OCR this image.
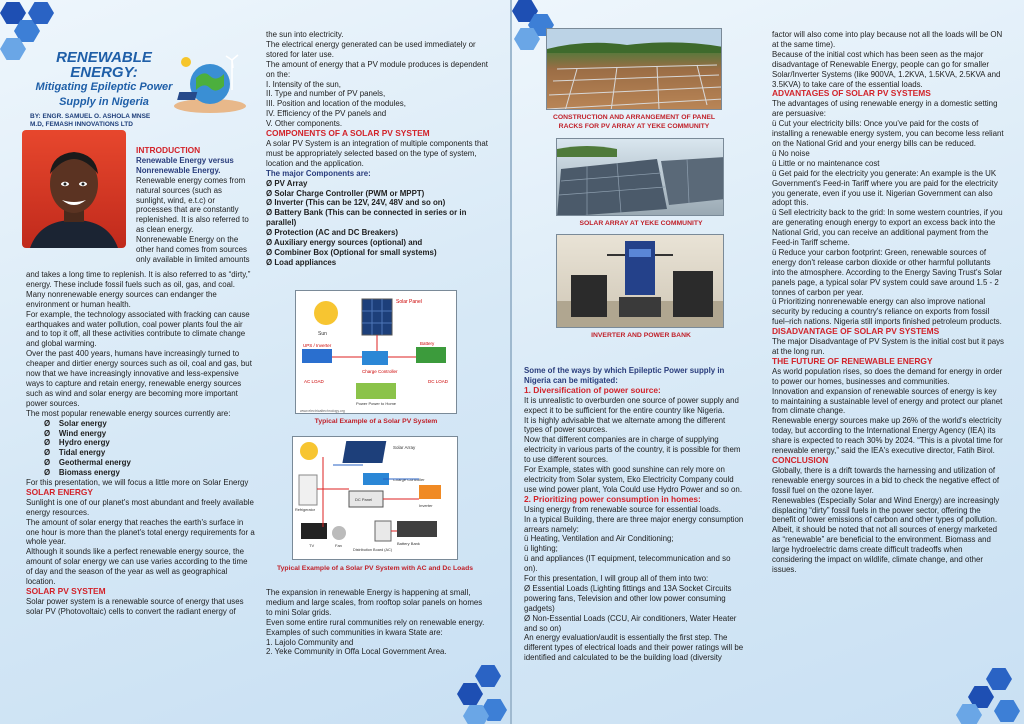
RENEWABLE ENERGY:
Mitigating Epileptic Power
Supply in Nigeria
BY: ENGR. SAMUEL O. ASHOLA MNSE
M.D, FEMASH INNOVATIONS LTD

INTRODUCTION

Renewable Energy versus

Nonrenewable Energy.

Renewable energy comes from

natural sources (such as

sunlight, wind, e.t.c) or

processes that are constantly

replenished. It is also referred to

as clean energy.

Nonrenewable Energy on the

other hand comes from sources

only available in limited amounts

and takes a long time to replenish. It is also referred to as “dirty,” energy. These include fossil fuels such as oil, gas, and coal.

Many nonrenewable energy sources can endanger the environment or human health.

For example, the technology associated with fracking can cause earthquakes and water pollution, coal power plants foul the air and to top it off, all these activities contribute to climate change and global warming.

Over the past 400 years, humans have increasingly turned to cheaper and dirtier energy sources such as oil, coal and gas, but now that we have increasingly innovative and less-expensive ways to capture and retain energy, renewable energy sources such as wind and solar energy are becoming more important power sources.

The most popular renewable energy sources currently are:

Ø Solar energy

Ø Wind energy

Ø Hydro energy

Ø Tidal energy

Ø Geothermal energy

Ø Biomass energy

For this presentation, we will focus a little more on Solar Energy

SOLAR ENERGY

Sunlight is one of our planet's most abundant and freely available energy resources.

The amount of solar energy that reaches the earth's surface in one hour is more than the planet's total energy requirements for a whole year.

Although it sounds like a perfect renewable energy source, the amount of solar energy we can use varies according to the time of day and the season of the year as well as geographical location.

SOLAR PV SYSTEM

Solar power system is a renewable source of energy that uses solar PV (Photovoltaic) cells to convert the radiant energy of

the sun into electricity.

The electrical energy generated can be used immediately or stored for later use.

The amount of energy that a PV module produces is dependent on the:

I. Intensity of the sun,

II. Type and number of PV panels,

III. Position and location of the modules,

IV. Efficiency of the PV panels and

V. Other components.

COMPONENTS OF A SOLAR PV SYSTEM

A solar PV System is an integration of multiple components that must be appropriately selected based on the type of system, location and the application.

The major Components are:

Ø PV Array

Ø Solar Charge Controller (PWM or MPPT)

Ø Inverter (This can be 12V, 24V, 48V and so on)

Ø Battery Bank (This can be connected in series or in parallel)

Ø Protection (AC and DC Breakers)

Ø Auxiliary energy sources (optional) and

Ø Combiner Box (Optional for small systems)

Ø Load appliances

Sun
Solar Panel
UPS / Inverter	Battery
Charge Controller
AC LOAD	DC LOAD
Power Power to Home
www.electricaltechnology.org
Typical Example of a Solar PV System
Solar Array
Charge Controller
DC Panel
Inverter
Battery Bank
Distribution Board (AC)
Refrigerator
TV	Fan
Typical Example of a Solar PV System with AC and Dc Loads

The expansion in renewable Energy is happening at small, medium and large scales, from rooftop solar panels on homes to mini Solar grids.

Even some entire rural communities rely on renewable energy.

Examples of such communities in kwara State are:

1. Lajolo Community and

2. Yeke Community in Offa Local Government Area.

CONSTRUCTION AND ARRANGEMENT OF PANEL
RACKS FOR PV ARRAY AT YEKE COMMUNITY
SOLAR ARRAY AT YEKE COMMUNITY
INVERTER AND POWER BANK

Some of the ways by which Epileptic Power supply in Nigeria can be mitigated:

1. Diversification of power source:

It is unrealistic to overburden one source of power supply and expect it to be sufficient for the entire country like Nigeria.

It is highly advisable that we alternate among the different types of power sources.

Now that different companies are in charge of supplying electricity in various parts of the country, it is possible for them to use different sources.

For Example, states with good sunshine can rely more on electricity from Solar system, Eko Electricity Company could use wind power plant, Yola Could use Hydro Power and so on.

2. Prioritizing power consumption in homes:

Using energy from renewable source for essential loads.

In a typical Building, there are three major energy consumption arrears namely:

ü Heating, Ventilation and Air Conditioning;

ü lighting;

ü and appliances (IT equipment, telecommunication and so on).

For this presentation, I will group all of them into two:

Ø Essential Loads (Lighting fittings and 13A Socket Circuits powering fans, Television and other low power consuming gadgets)

Ø Non-Essential Loads (CCU, Air conditioners, Water Heater and so on)

An energy evaluation/audit is essentially the first step. The different types of electrical loads and their power ratings will be identified and calculated to be the building load (diversity

factor will also come into play because not all the loads will be ON at the same time).

Because of the initial cost which has been seen as the major disadvantage of Renewable Energy, people can go for smaller Solar/Inverter Systems (like 900VA, 1.2KVA, 1.5KVA, 2.5KVA and 3.5KVA) to take care of the essential loads.

ADVANTAGES OF SOLAR PV SYSTEMS

The advantages of using renewable energy in a domestic setting are persuasive:

ü Cut your electricity bills: Once you've paid for the costs of installing a renewable energy system, you can become less reliant on the National Grid and your energy bills can be reduced.

ü No noise

ü Little or no maintenance cost

ü Get paid for the electricity you generate: An example is the UK Government's Feed-in Tariff where you are paid for the electricity you generate, even if you use it. Nigerian Government can also adopt this.

ü Sell electricity back to the grid: In some western countries, if you are generating enough energy to export an excess back into the National Grid, you can receive an additional payment from the Feed-in Tariff scheme.

ü Reduce your carbon footprint: Green, renewable sources of energy don't release carbon dioxide or other harmful pollutants into the atmosphere. According to the Energy Saving Trust's Solar panels page, a typical solar PV system could save around 1.5 - 2 tonnes of carbon per year.

ü Prioritizing nonrenewable energy can also improve national security by reducing a country's reliance on exports from fossil fuel–rich nations. Nigeria still imports finished petroleum products.

DISADVANTAGE OF SOLAR PV SYSTEMS

The major Disadvantage of PV System is the initial cost but it pays at the long run.

THE FUTURE OF RENEWABLE ENERGY

As world population rises, so does the demand for energy in order to power our homes, businesses and communities.

Innovation and expansion of renewable sources of energy is key to maintaining a sustainable level of energy and protect our planet from climate change.

Renewable energy sources make up 26% of the world's electricity today, but according to the International Energy Agency (IEA) its share is expected to reach 30% by 2024. “This is a pivotal time for renewable energy,” said the IEA's executive director, Fatih Birol.

CONCLUSION

Globally, there is a drift towards the harnessing and utilization of renewable energy sources in a bid to check the negative effect of fossil fuel on the ozone layer.

Renewables (Especially Solar and Wind Energy) are increasingly displacing “dirty” fossil fuels in the power sector, offering the benefit of lower emissions of carbon and other types of pollution.

Albeit, it should be noted that not all sources of energy marketed as “renewable” are beneficial to the environment. Biomass and large hydroelectric dams create difficult tradeoffs when considering the impact on wildlife, climate change, and other issues.
